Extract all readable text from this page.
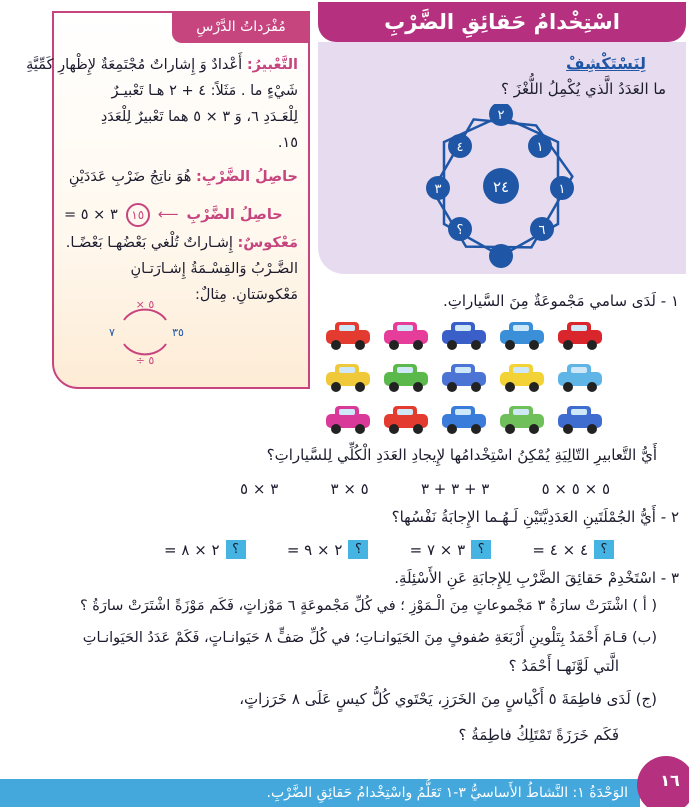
اسْتِخْدامُ حَقائِقِ الضَّرْبِ
لِنَسْتَكْشِفْ
ما العَدَدُ الَّذي يُكْمِلُ اللُّغْزَ ؟
٢٤
٢
١
١
٦
؟
٣
٤
مُفْرَداتُ الدَّرْسِ
التَّعْبيرُ: أَعْدادٌ وَ إِشاراتٌ مُجْتَمِعَةٌ لإِظْهارِ كَمِّيَّةِ
شَيْءٍ ما . مَثَلاً: ٤ + ٢ هـا تَعْبيـرٌ
لِلْعَـدَدِ ٦، وَ ٣ × ٥ هما تَعْبيرٌ لِلْعَدَدِ
١٥.
حاصِلُ الضَّرْبِ: هُوَ ناتِجُ ضَرْبِ عَدَدَيْنِ
٣ × ٥ =	١٥ ⟵ حاصِلُ الضَّرْبِ
مَعْكوسٌ: إِشـاراتٌ تُلْغي بَعْضُهـا بَعْضًـا.
الضَّـرْبُ وَالقِسْـمَةُ إِشـارَتـانِ
مَعْكوسَتانِ. مِثالٌ:
٥ ×
٧	٣٥
٥ ÷
١ - لَدَى سامي مَجْموعَةٌ مِنَ السَّياراتِ.
أَيُّ التَّعابيرِ التّالِيَةِ يُمْكِنُ اسْتِخْدامُها لإِيجادِ العَدَدِ الْكُلِّي لِلسَّياراتِ؟
٣ × ٥	٥ × ٣	٣ + ٣ + ٣	٥ × ٥ × ٥
٢ - أَيُّ الجُمْلَتَينِ العَدَدِيَّتَيْنِ لَـهُـما الإِجابَةُ نَفْسُها؟
٢ × ٨ = ؟	٢ × ٩ = ؟	٣ × ٧ = ؟	٤ × ٤ = ؟
٣ - اسْتَخْدِمْ حَقائِقَ الضَّرْبِ لِلإِجابَةِ عَنِ الأَسْئِلَةِ.
( أ ) اشْتَرَتْ سارَةُ ٣ مَجْموعاتٍ مِنَ الْـمَوْزِ ؛ في كُلِّ مَجْموعَةٍ ٦ مَوْزاتٍ، فَكَم مَوْزَةً اشْتَرَتْ سارَةُ ؟
(ب) قـامَ أَحْمَدُ بِتَلْوينِ أَرْبَعَةِ صُفوفٍ مِنَ الحَيَوانـاتِ؛ في كُلِّ صَفٍّ ٨ حَيَوانـاتٍ، فَكَمْ عَدَدُ الحَيَوانـاتِ
الَّتي لَوَّنَهـا أَحْمَدُ ؟
(ج) لَدَى فاطِمَةَ ٥ أَكْياسٍ مِنَ الخَرَزِ، يَحْتَوي كُلُّ كيسٍ عَلَى ٨ خَرَزاتٍ،
فَكَم خَرَزَةً تَمْتَلِكُ فاطِمَةُ ؟
الوَحْدَةُ ١: النَّشاطُ الأَساسيُّ ٣-١ تَعَلُّمُ واسْتِخْدامُ حَقائِقِ الضَّرْبِ.
١٦
